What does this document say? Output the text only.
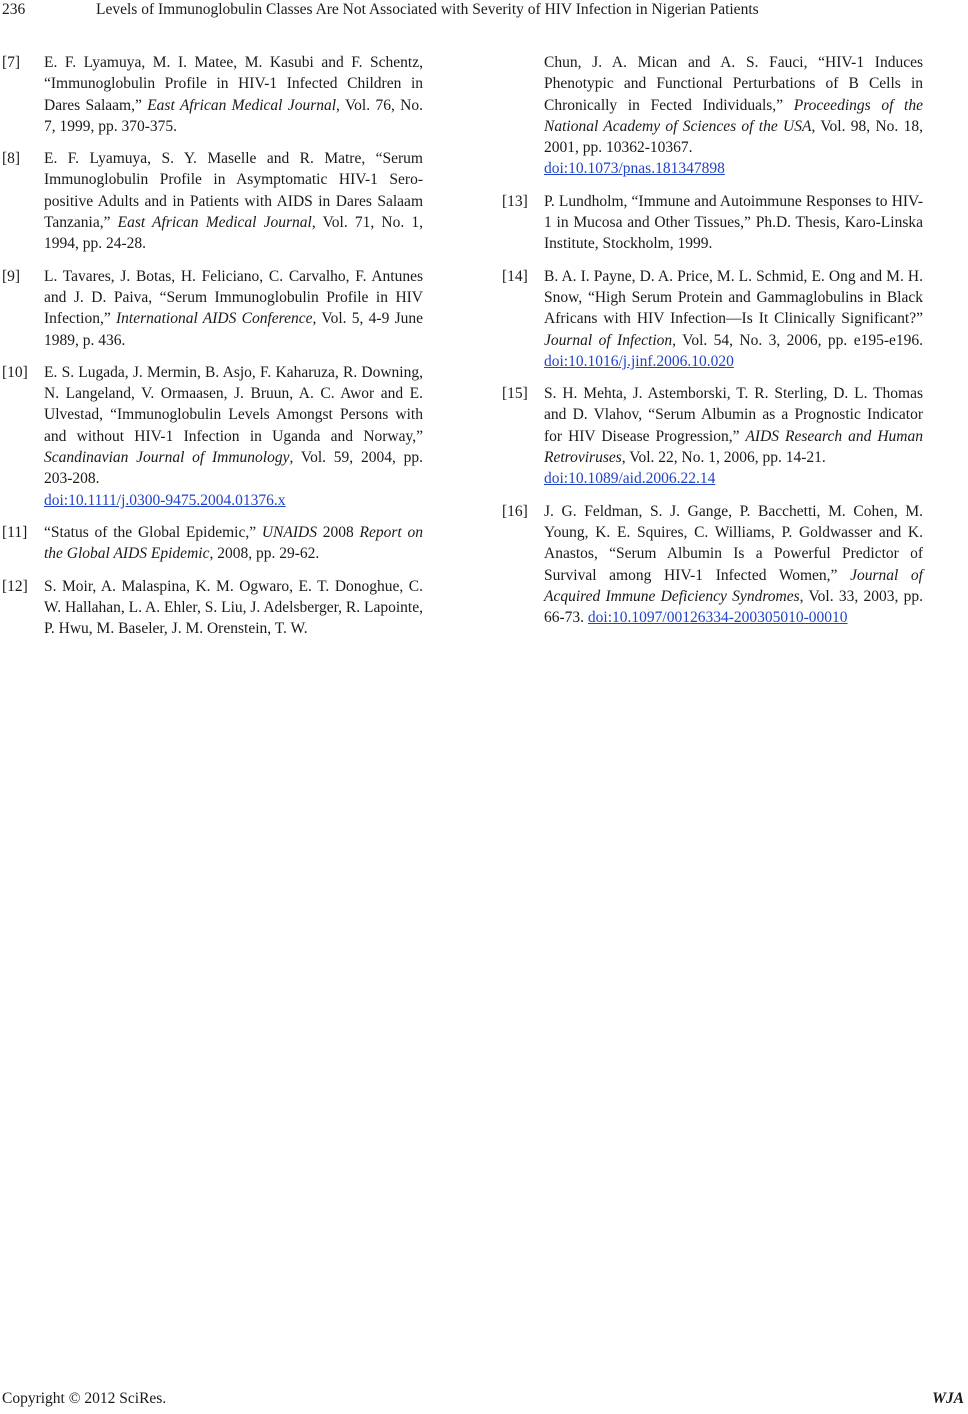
236	Levels of Immunoglobulin Classes Are Not Associated with Severity of HIV Infection in Nigerian Patients
[7] E. F. Lyamuya, M. I. Matee, M. Kasubi and F. Schentz, “Immunoglobulin Profile in HIV-1 Infected Children in Dares Salaam,” East African Medical Journal, Vol. 76, No. 7, 1999, pp. 370-375.
[8] E. F. Lyamuya, S. Y. Maselle and R. Matre, “Serum Immunoglobulin Profile in Asymptomatic HIV-1 Sero-positive Adults and in Patients with AIDS in Dares Salaam Tanzania,” East African Medical Journal, Vol. 71, No. 1, 1994, pp. 24-28.
[9] L. Tavares, J. Botas, H. Feliciano, C. Carvalho, F. Antunes and J. D. Paiva, “Serum Immunoglobulin Profile in HIV Infection,” International AIDS Conference, Vol. 5, 4-9 June 1989, p. 436.
[10] E. S. Lugada, J. Mermin, B. Asjo, F. Kaharuza, R. Downing, N. Langeland, V. Ormaasen, J. Bruun, A. C. Awor and E. Ulvestad, “Immunoglobulin Levels Amongst Persons with and without HIV-1 Infection in Uganda and Norway,” Scandinavian Journal of Immunology, Vol. 59, 2004, pp. 203-208.
doi:10.1111/j.0300-9475.2004.01376.x
[11] “Status of the Global Epidemic,” UNAIDS 2008 Report on the Global AIDS Epidemic, 2008, pp. 29-62.
[12] S. Moir, A. Malaspina, K. M. Ogwaro, E. T. Donoghue, C. W. Hallahan, L. A. Ehler, S. Liu, J. Adelsberger, R. Lapointe, P. Hwu, M. Baseler, J. M. Orenstein, T. W.
Chun, J. A. Mican and A. S. Fauci, “HIV-1 Induces Phenotypic and Functional Perturbations of B Cells in Chronically in Fected Individuals,” Proceedings of the National Academy of Sciences of the USA, Vol. 98, No. 18, 2001, pp. 10362-10367.
doi:10.1073/pnas.181347898
[13] P. Lundholm, “Immune and Autoimmune Responses to HIV-1 in Mucosa and Other Tissues,” Ph.D. Thesis, Karo-Linska Institute, Stockholm, 1999.
[14] B. A. I. Payne, D. A. Price, M. L. Schmid, E. Ong and M. H. Snow, “High Serum Protein and Gammaglobulins in Black Africans with HIV Infection—Is It Clinically Significant?” Journal of Infection, Vol. 54, No. 3, 2006, pp. e195-e196. doi:10.1016/j.jinf.2006.10.020
[15] S. H. Mehta, J. Astemborski, T. R. Sterling, D. L. Thomas and D. Vlahov, “Serum Albumin as a Prognostic Indicator for HIV Disease Progression,” AIDS Research and Human Retroviruses, Vol. 22, No. 1, 2006, pp. 14-21.
doi:10.1089/aid.2006.22.14
[16] J. G. Feldman, S. J. Gange, P. Bacchetti, M. Cohen, M. Young, K. E. Squires, C. Williams, P. Goldwasser and K. Anastos, “Serum Albumin Is a Powerful Predictor of Survival among HIV-1 Infected Women,” Journal of Acquired Immune Deficiency Syndromes, Vol. 33, 2003, pp. 66-73. doi:10.1097/00126334-200305010-00010
Copyright © 2012 SciRes.	WJA
